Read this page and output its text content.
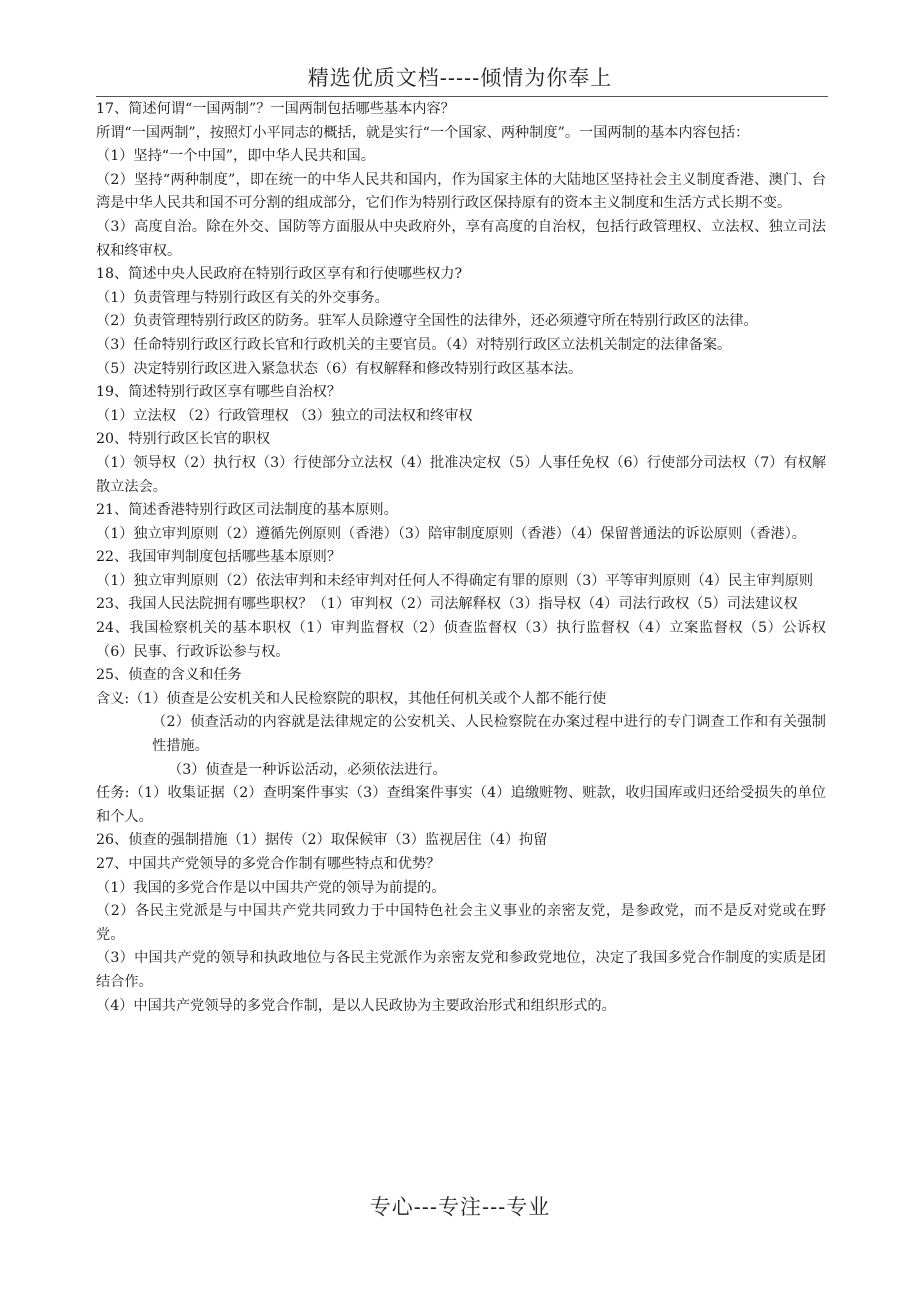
精选优质文档-----倾情为你奉上

17、简述何谓“一国两制”？一国两制包括哪些基本内容？

所谓“一国两制”，按照灯小平同志的概括，就是实行“一个国家、两种制度”。一国两制的基本内容包括：

（1）坚持“一个中国”，即中华人民共和国。

（2）坚持“两种制度”，即在统一的中华人民共和国内，作为国家主体的大陆地区坚持社会主义制度香港、澳门、台湾是中华人民共和国不可分割的组成部分，它们作为特别行政区保持原有的资本主义制度和生活方式长期不变。

（3）高度自治。除在外交、国防等方面服从中央政府外，享有高度的自治权，包括行政管理权、立法权、独立司法权和终审权。

18、简述中央人民政府在特别行政区享有和行使哪些权力?

（1）负责管理与特别行政区有关的外交事务。

（2）负责管理特别行政区的防务。驻军人员除遵守全国性的法律外，还必须遵守所在特别行政区的法律。

（3）任命特别行政区行政长官和行政机关的主要官员。（4）对特别行政区立法机关制定的法律备案。

（5）决定特别行政区进入紧急状态（6）有权解释和修改特别行政区基本法。

19、简述特别行政区享有哪些自治权？

（1）立法权 （2）行政管理权 （3）独立的司法权和终审权

20、特别行政区长官的职权

（1）领导权（2）执行权（3）行使部分立法权（4）批准决定权（5）人事任免权（6）行使部分司法权（7）有权解散立法会。

21、简述香港特别行政区司法制度的基本原则。

（1）独立审判原则（2）遵循先例原则（香港）（3）陪审制度原则（香港）（4）保留普通法的诉讼原则（香港）。

22、我国审判制度包括哪些基本原则？

（1）独立审判原则（2）依法审判和未经审判对任何人不得确定有罪的原则（3）平等审判原则（4）民主审判原则

23、我国人民法院拥有哪些职权？（1）审判权（2）司法解释权（3）指导权（4）司法行政权（5）司法建议权

24、我国检察机关的基本职权（1）审判监督权（2）侦查监督权（3）执行监督权（4）立案监督权（5）公诉权（6）民事、行政诉讼参与权。

25、侦查的含义和任务

含义:（1）侦查是公安机关和人民检察院的职权，其他任何机关或个人都不能行使

（2）侦查活动的内容就是法律规定的公安机关、人民检察院在办案过程中进行的专门调查工作和有关强制性措施。

（3）侦查是一种诉讼活动，必须依法进行。

任务:（1）收集证据（2）查明案件事实（3）查缉案件事实（4）追缴赃物、赃款，收归国库或归还给受损失的单位和个人。

26、侦查的强制措施（1）据传（2）取保候审（3）监视居住（4）拘留

27、中国共产党领导的多党合作制有哪些特点和优势？

（1）我国的多党合作是以中国共产党的领导为前提的。

（2）各民主党派是与中国共产党共同致力于中国特色社会主义事业的亲密友党，是参政党，而不是反对党或在野党。

（3）中国共产党的领导和执政地位与各民主党派作为亲密友党和参政党地位，决定了我国多党合作制度的实质是团结合作。

（4）中国共产党领导的多党合作制，是以人民政协为主要政治形式和组织形式的。

专心---专注---专业
